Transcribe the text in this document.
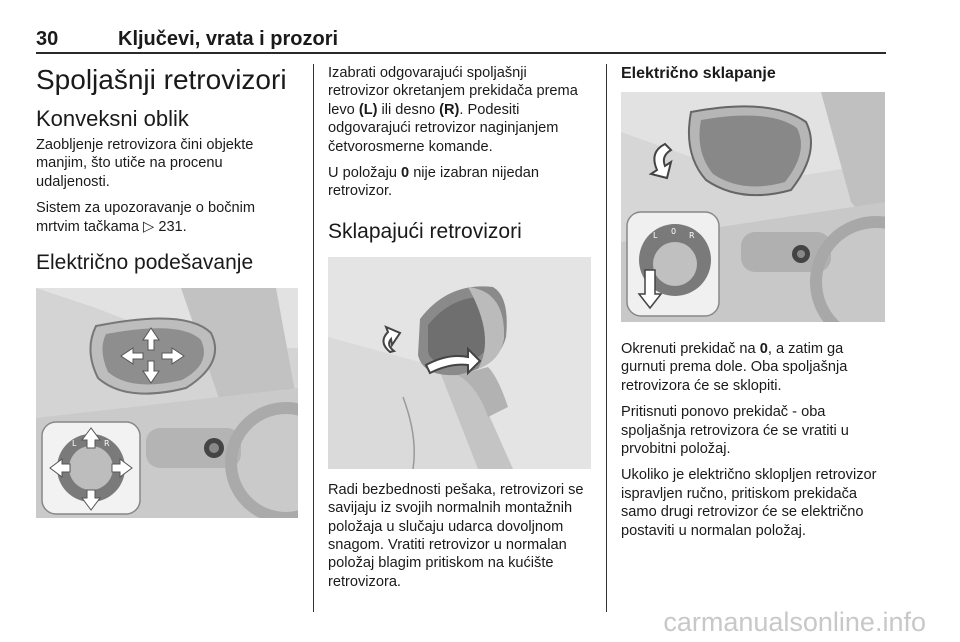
30	Ključevi, vrata i prozori
Spoljašnji retrovizori
Konveksni oblik

Zaobljenje retrovizora čini objekte manjim, što utiče na procenu udaljenosti.

Sistem za upozoravanje o bočnim mrtvim tačkama ▷ 231.

Električno podešavanje
L	R

Izabrati odgovarajući spoljašnji retrovizor okretanjem prekidača prema levo (L) ili desno (R). Podesiti odgovarajući retrovizor naginjanjem četvorosmerne komande.

U položaju 0 nije izabran nijedan retrovizor.

Sklapajući retrovizori

Radi bezbednosti pešaka, retrovizori se savijaju iz svojih normalnih montažnih položaja u slučaju udarca dovoljnom snagom. Vratiti retrovizor u normalan položaj blagim pritiskom na kućište retrovizora.

Električno sklapanje
L 0 R

Okrenuti prekidač na 0, a zatim ga gurnuti prema dole. Oba spoljašnja retrovizora će se sklopiti.

Pritisnuti ponovo prekidač - oba spoljašnja retrovizora će se vratiti u prvobitni položaj.

Ukoliko je električno sklopljen retrovizor ispravljen ručno, pritiskom prekidača samo drugi retrovizor će se električno postaviti u normalan položaj.

carmanualsonline.info
